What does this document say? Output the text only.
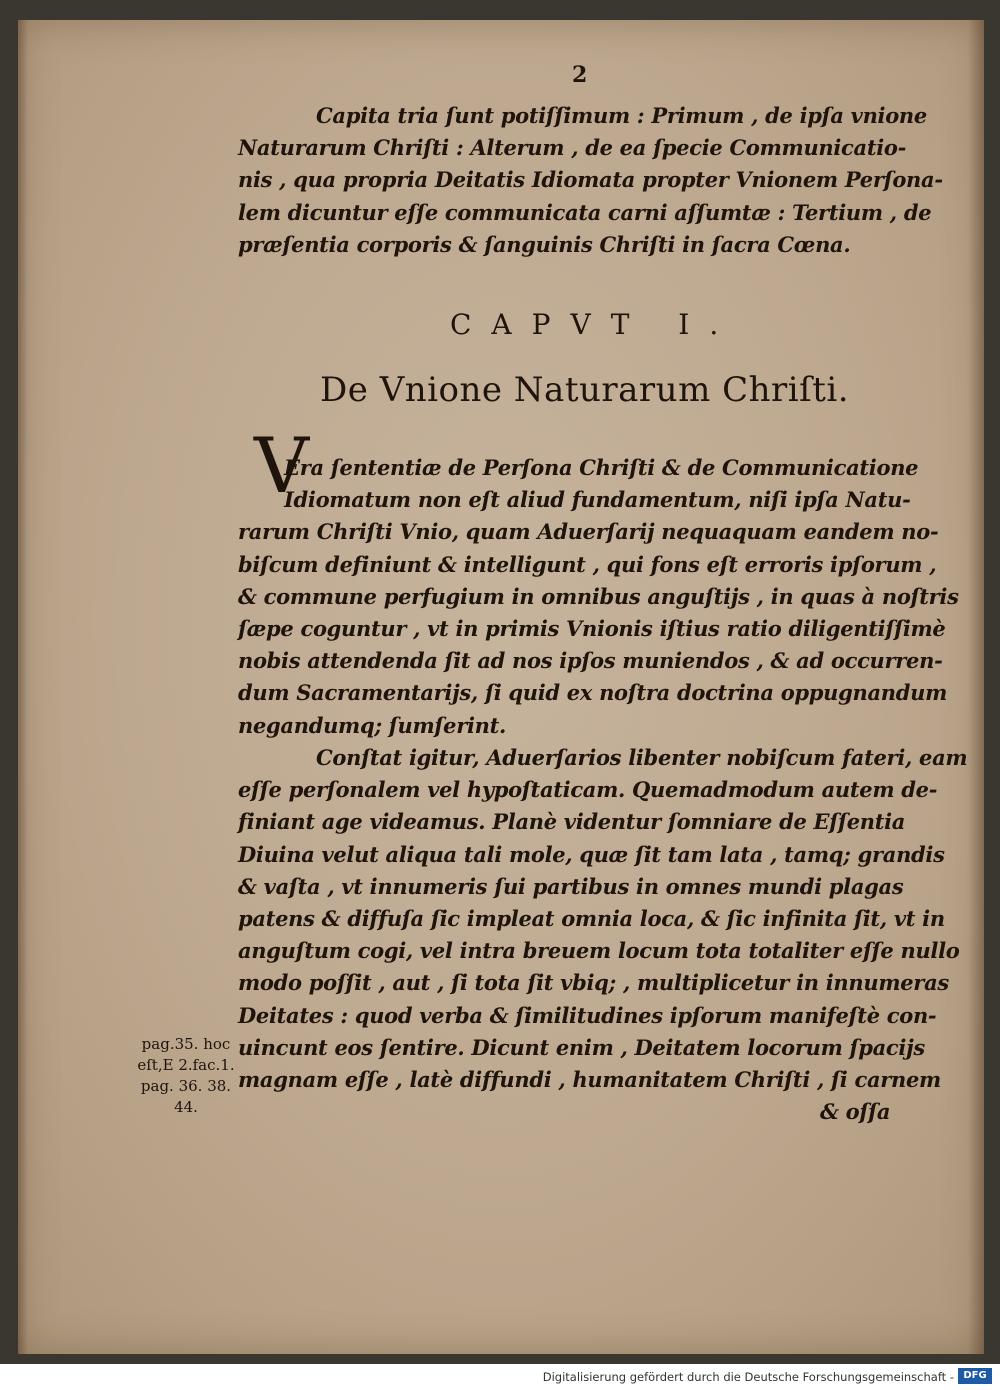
2

Capita tria ſunt potiſſimum : Primum , de ipſa vnione
Naturarum Chriſti : Alterum , de ea ſpecie Communicatio-
nis , qua propria Deitatis Idiomata propter Vnionem Perſona-
lem dicuntur eſſe communicata carni aſſumtæ : Tertium , de
præſentia corporis & ſanguinis Chriſti in ſacra Cœna.

CAPVT I.
De Vnione Naturarum Chriſti.
V

Era ſententiæ de Perſona Chriſti & de Communicatione
Idiomatum non eſt aliud fundamentum, niſi ipſa Natu-
rarum Chriſti Vnio, quam Aduerſarij nequaquam eandem no-
biſcum definiunt & intelligunt , qui fons eſt erroris ipſorum ,
& commune perfugium in omnibus anguſtijs , in quas à noſtris
ſæpe coguntur , vt in primis Vnionis iſtius ratio diligentiſſimè
nobis attendenda ſit ad nos ipſos muniendos , & ad occurren-
dum Sacramentarijs, ſi quid ex noſtra doctrina oppugnandum
negandumq; ſumſerint.

Conſtat igitur, Aduerſarios libenter nobiſcum fateri, eam
eſſe perſonalem vel hypoſtaticam. Quemadmodum autem de-
finiant age videamus. Planè videntur ſomniare de Eſſentia
Diuina velut aliqua tali mole, quæ ſit tam lata , tamq; grandis
& vaſta , vt innumeris ſui partibus in omnes mundi plagas
patens & diffuſa ſic impleat omnia loca, & ſic infinita ſit, vt in
anguſtum cogi, vel intra breuem locum tota totaliter eſſe nullo
modo poſſit , aut , ſi tota ſit vbiq; , multiplicetur in innumeras
Deitates : quod verba & ſimilitudines ipſorum manifeſtè con-
uincunt eos ſentire. Dicunt enim , Deitatem locorum ſpacijs
magnam eſſe , latè diffundi , humanitatem Chriſti , ſi carnem
& oſſa

pag.35. hoc
eſt,E 2.fac.1.
pag. 36. 38.
44.

Digitalisierung gefördert durch die Deutsche Forschungsgemeinschaft - DFG
